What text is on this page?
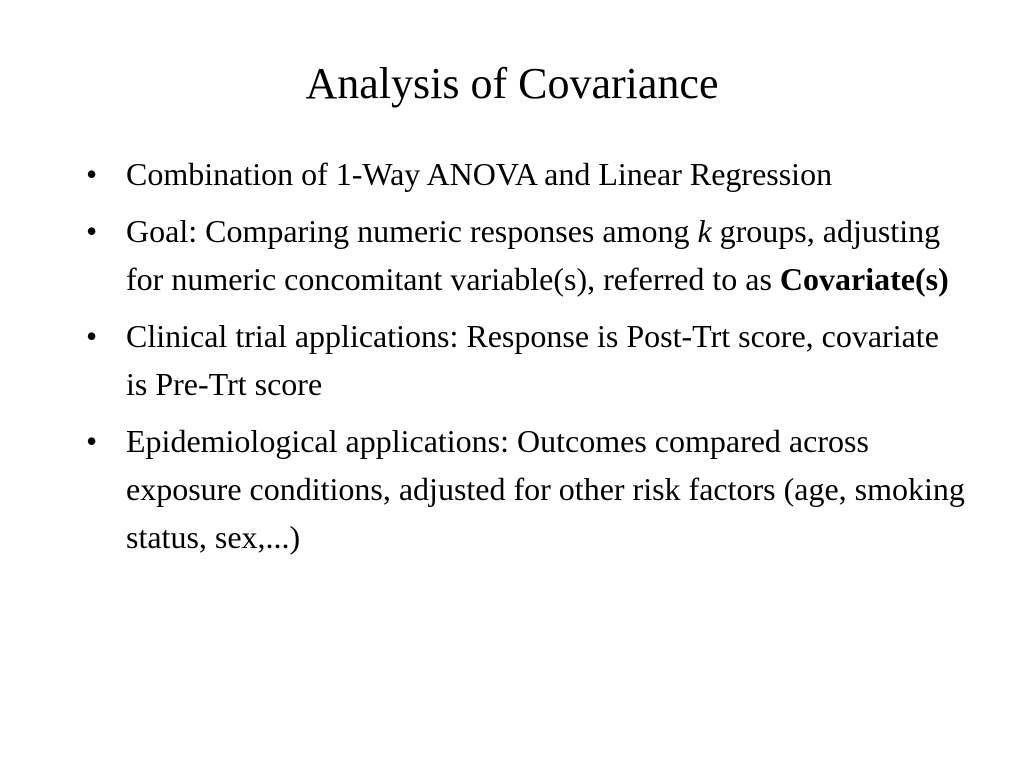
Analysis of Covariance
• Combination of 1-Way ANOVA and Linear Regression
• Goal: Comparing numeric responses among k groups, adjusting for numeric concomitant variable(s), referred to as Covariate(s)
• Clinical trial applications: Response is Post-Trt score, covariate is Pre-Trt score
• Epidemiological applications: Outcomes compared across exposure conditions, adjusted for other risk factors (age, smoking status, sex,...)
